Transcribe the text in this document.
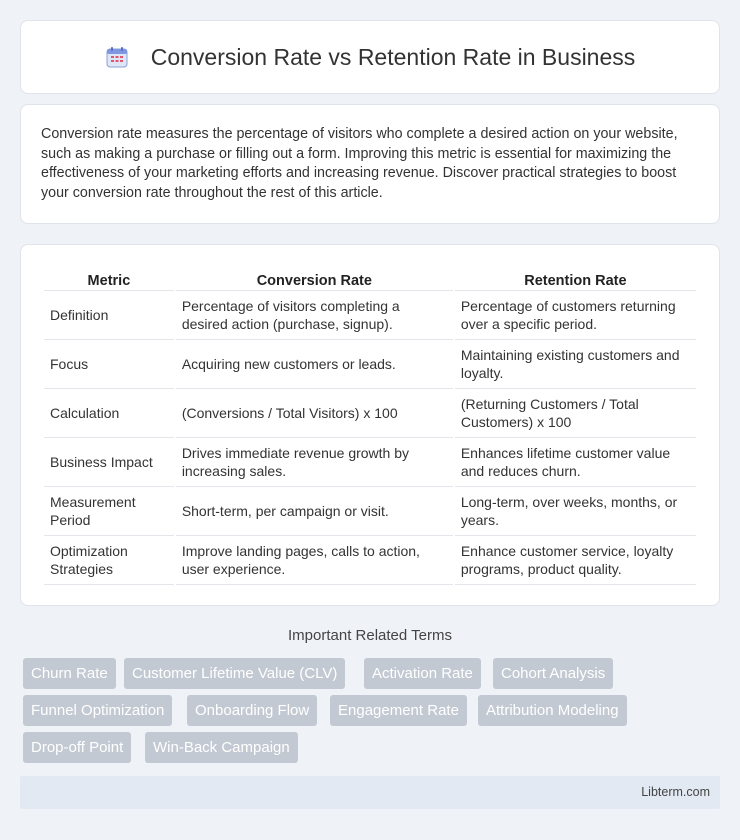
Conversion Rate vs Retention Rate in Business

Conversion rate measures the percentage of visitors who complete a desired action on your website, such as making a purchase or filling out a form. Improving this metric is essential for maximizing the effectiveness of your marketing efforts and increasing revenue. Discover practical strategies to boost your conversion rate throughout the rest of this article.

Metric	Conversion Rate	Retention Rate
Definition	Percentage of visitors completing a desired action (purchase, signup).	Percentage of customers returning over a specific period.
Focus	Acquiring new customers or leads.	Maintaining existing customers and loyalty.
Calculation	(Conversions / Total Visitors) x 100	(Returning Customers / Total Customers) x 100
Business Impact	Drives immediate revenue growth by increasing sales.	Enhances lifetime customer value and reduces churn.
Measurement Period	Short-term, per campaign or visit.	Long-term, over weeks, months, or years.
Optimization Strategies	Improve landing pages, calls to action, user experience.	Enhance customer service, loyalty programs, product quality.
Important Related Terms
Churn Rate	Customer Lifetime Value (CLV)	Activation Rate	Cohort Analysis
Funnel Optimization	Onboarding Flow	Engagement Rate	Attribution Modeling
Drop-off Point	Win-Back Campaign
Libterm.com
